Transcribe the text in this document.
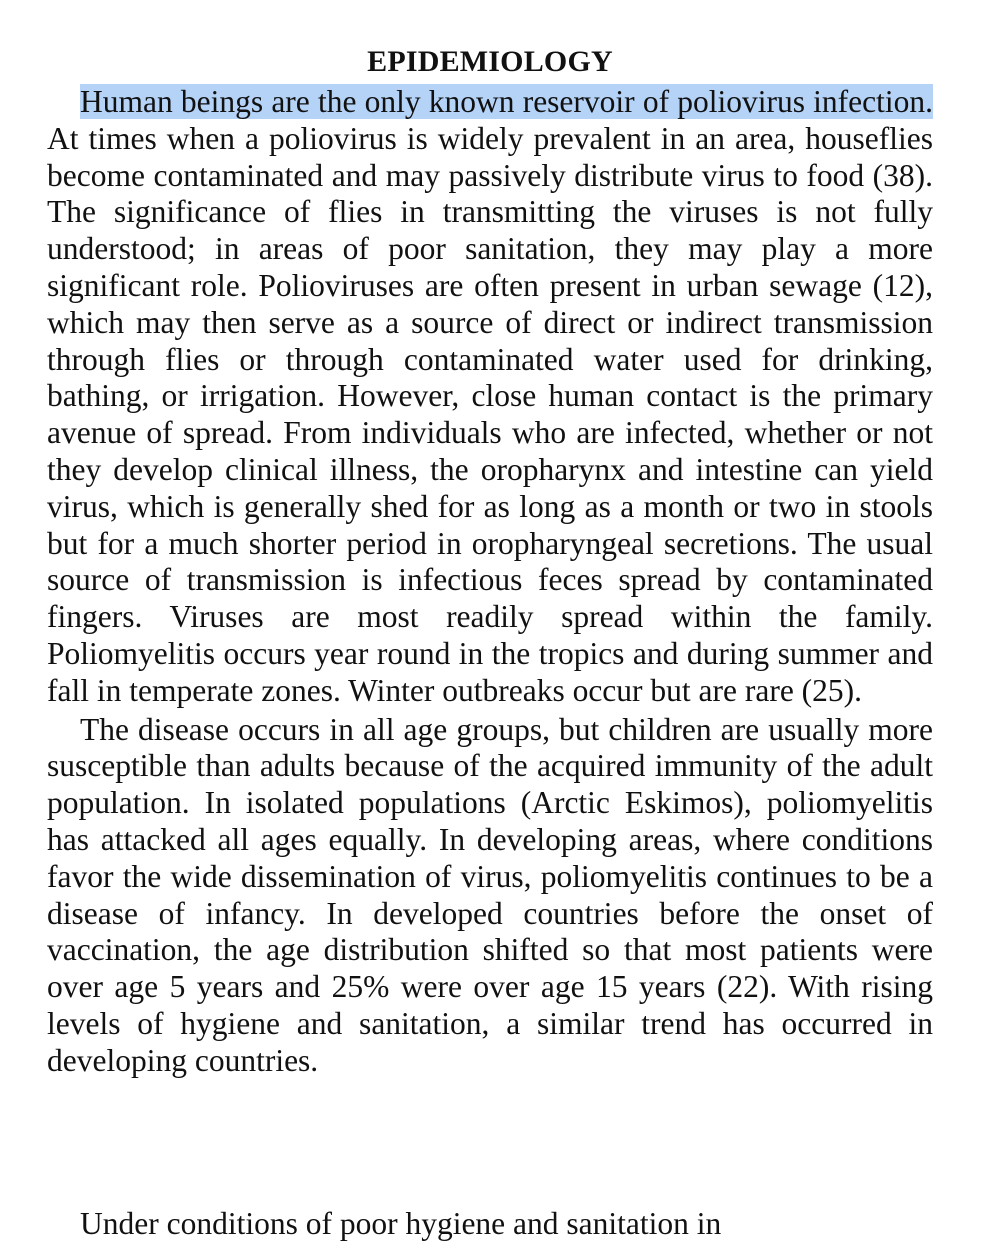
EPIDEMIOLOGY

Human beings are the only known reservoir of poliovirus infection. At times when a poliovirus is widely prevalent in an area, houseflies become contaminated and may passively distribute virus to food (38). The significance of flies in transmitting the viruses is not fully understood; in areas of poor sanitation, they may play a more significant role. Polioviruses are often present in urban sewage (12), which may then serve as a source of direct or indirect transmission through flies or through contaminated water used for drinking, bathing, or irrigation. However, close human contact is the primary avenue of spread. From individuals who are infected, whether or not they develop clinical illness, the oropharynx and intestine can yield virus, which is generally shed for as long as a month or two in stools but for a much shorter period in oropharyngeal secretions. The usual source of transmission is infectious feces spread by contaminated fingers. Viruses are most readily spread within the family. Poliomyelitis occurs year round in the tropics and during summer and fall in temperate zones. Winter outbreaks occur but are rare (25).

The disease occurs in all age groups, but children are usually more susceptible than adults because of the acquired immunity of the adult population. In isolated populations (Arctic Eskimos), poliomyelitis has attacked all ages equally. In developing areas, where conditions favor the wide dissemination of virus, poliomyelitis continues to be a disease of infancy. In developed countries before the onset of vaccination, the age distribution shifted so that most patients were over age 5 years and 25% were over age 15 years (22). With rising levels of hygiene and sanitation, a similar trend has occurred in developing countries.

Under conditions of poor hygiene and sanitation in
